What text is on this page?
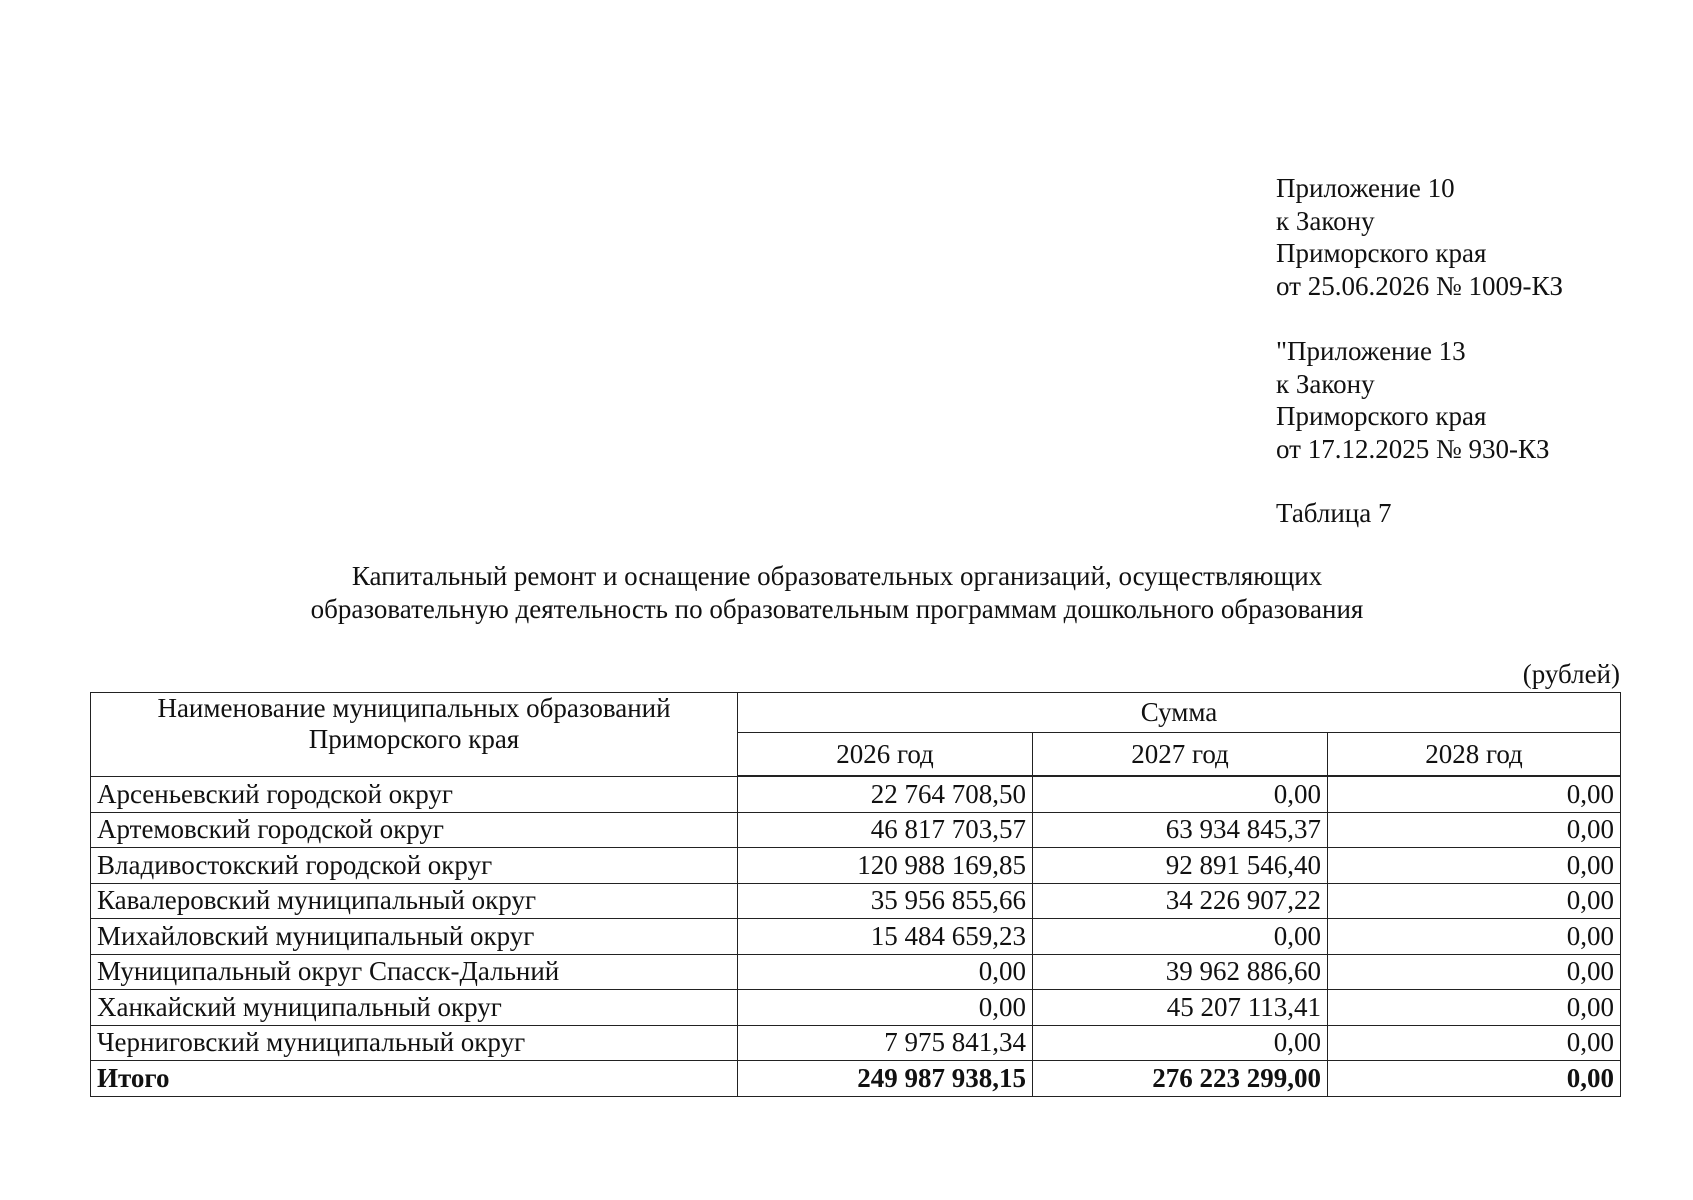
Приложение 10
к Закону
Приморского края
от 25.06.2026 № 1009-КЗ
"Приложение 13
к Закону
Приморского края
от 17.12.2025 № 930-КЗ
Таблица 7
Капитальный ремонт и оснащение образовательных организаций, осуществляющих
образовательную деятельность по образовательным программам дошкольного образования
(рублей)
Наименование муниципальных образований
Приморского края	Сумма		
	2026 год	2027 год	2028 год
Арсеньевский городской округ	22 764 708,50	0,00	0,00
Артемовский городской округ	46 817 703,57	63 934 845,37	0,00
Владивостокский городской округ	120 988 169,85	92 891 546,40	0,00
Кавалеровский муниципальный округ	35 956 855,66	34 226 907,22	0,00
Михайловский муниципальный округ	15 484 659,23	0,00	0,00
Муниципальный округ Спасск-Дальний	0,00	39 962 886,60	0,00
Ханкайский муниципальный округ	0,00	45 207 113,41	0,00
Черниговский муниципальный округ	7 975 841,34	0,00	0,00
Итого	249 987 938,15	276 223 299,00	0,00
